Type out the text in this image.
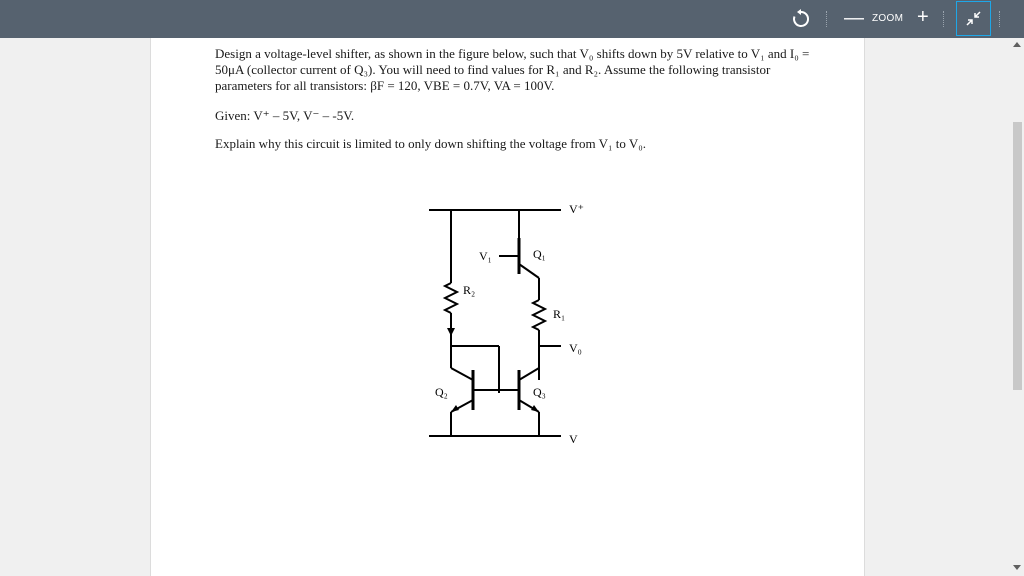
— ZOOM +
Design a voltage-level shifter, as shown in the figure below, such that V₀ shifts down by 5V relative to V₁ and I₀ = 50μA (collector current of Q₃). You will need to find values for R₁ and R₂. Assume the following transistor parameters for all transistors: βF = 120, VBE = 0.7V, VA = 100V.
Given: V⁺ – 5V, V⁻ – -5V.
Explain why this circuit is limited to only down shifting the voltage from V₁ to V₀.
V⁺
V₁	Q₁
R₂
R₁
V₀
Q₂	Q₃
V
